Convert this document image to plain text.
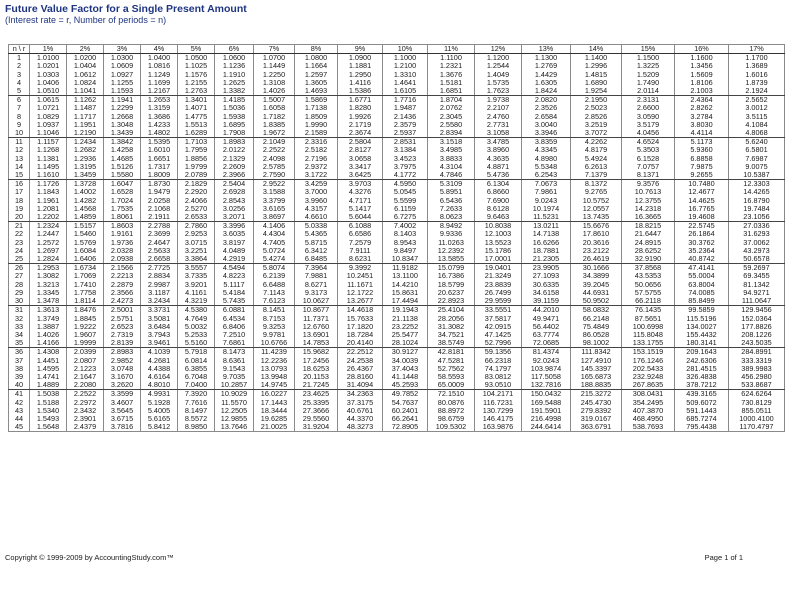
Future Value Factor for a Single Present Amount
(Interest rate = r, Number of periods = n)
n \ r	1%	2%	3%	4%	5%	6%	7%	8%	9%	10%	11%	12%	13%	14%	15%	16%	17%
1	1.0100	1.0200	1.0300	1.0400	1.0500	1.0600	1.0700	1.0800	1.0900	1.1000	1.1100	1.1200	1.1300	1.1400	1.1500	1.1600	1.1700
2	1.0201	1.0404	1.0609	1.0816	1.1025	1.1236	1.1449	1.1664	1.1881	1.2100	1.2321	1.2544	1.2769	1.2996	1.3225	1.3456	1.3689
3	1.0303	1.0612	1.0927	1.1249	1.1576	1.1910	1.2250	1.2597	1.2950	1.3310	1.3676	1.4049	1.4429	1.4815	1.5209	1.5609	1.6016
4	1.0406	1.0824	1.1255	1.1699	1.2155	1.2625	1.3108	1.3605	1.4116	1.4641	1.5181	1.5735	1.6305	1.6890	1.7490	1.8106	1.8739
5	1.0510	1.1041	1.1593	1.2167	1.2763	1.3382	1.4026	1.4693	1.5386	1.6105	1.6851	1.7623	1.8424	1.9254	2.0114	2.1003	2.1924
6	1.0615	1.1262	1.1941	1.2653	1.3401	1.4185	1.5007	1.5869	1.6771	1.7716	1.8704	1.9738	2.0820	2.1950	2.3131	2.4364	2.5652
7	1.0721	1.1487	1.2299	1.3159	1.4071	1.5036	1.6058	1.7138	1.8280	1.9487	2.0762	2.2107	2.3526	2.5023	2.6600	2.8262	3.0012
8	1.0829	1.1717	1.2668	1.3686	1.4775	1.5938	1.7182	1.8509	1.9926	2.1436	2.3045	2.4760	2.6584	2.8526	3.0590	3.2784	3.5115
9	1.0937	1.1951	1.3048	1.4233	1.5513	1.6895	1.8385	1.9990	2.1719	2.3579	2.5580	2.7731	3.0040	3.2519	3.5179	3.8030	4.1084
10	1.1046	1.2190	1.3439	1.4802	1.6289	1.7908	1.9672	2.1589	2.3674	2.5937	2.8394	3.1058	3.3946	3.7072	4.0456	4.4114	4.8068
11	1.1157	1.2434	1.3842	1.5395	1.7103	1.8983	2.1049	2.3316	2.5804	2.8531	3.1518	3.4785	3.8359	4.2262	4.6524	5.1173	5.6240
12	1.1268	1.2682	1.4258	1.6010	1.7959	2.0122	2.2522	2.5182	2.8127	3.1384	3.4985	3.8960	4.3345	4.8179	5.3503	5.9360	6.5801
13	1.1381	1.2936	1.4685	1.6651	1.8856	2.1329	2.4098	2.7196	3.0658	3.4523	3.8833	4.3635	4.8980	5.4924	6.1528	6.8858	7.6987
14	1.1495	1.3195	1.5126	1.7317	1.9799	2.2609	2.5785	2.9372	3.3417	3.7975	4.3104	4.8871	5.5348	6.2613	7.0757	7.9875	9.0075
15	1.1610	1.3459	1.5580	1.8009	2.0789	2.3966	2.7590	3.1722	3.6425	4.1772	4.7846	5.4736	6.2543	7.1379	8.1371	9.2655	10.5387
16	1.1726	1.3728	1.6047	1.8730	2.1829	2.5404	2.9522	3.4259	3.9703	4.5950	5.3109	6.1304	7.0673	8.1372	9.3576	10.7480	12.3303
17	1.1843	1.4002	1.6528	1.9479	2.2920	2.6928	3.1588	3.7000	4.3276	5.0545	5.8951	6.8660	7.9861	9.2765	10.7613	12.4677	14.4265
18	1.1961	1.4282	1.7024	2.0258	2.4066	2.8543	3.3799	3.9960	4.7171	5.5599	6.5436	7.6900	9.0243	10.5752	12.3755	14.4625	16.8790
19	1.2081	1.4568	1.7535	2.1068	2.5270	3.0256	3.6165	4.3157	5.1417	6.1159	7.2633	8.6128	10.1974	12.0557	14.2318	16.7765	19.7484
20	1.2202	1.4859	1.8061	2.1911	2.6533	3.2071	3.8697	4.6610	5.6044	6.7275	8.0623	9.6463	11.5231	13.7435	16.3665	19.4608	23.1056
21	1.2324	1.5157	1.8603	2.2788	2.7860	3.3996	4.1406	5.0338	6.1088	7.4002	8.9492	10.8038	13.0211	15.6676	18.8215	22.5745	27.0336
22	1.2447	1.5460	1.9161	2.3699	2.9253	3.6035	4.4304	5.4365	6.6586	8.1403	9.9336	12.1003	14.7138	17.8610	21.6447	26.1864	31.6293
23	1.2572	1.5769	1.9736	2.4647	3.0715	3.8197	4.7405	5.8715	7.2579	8.9543	11.0263	13.5523	16.6266	20.3616	24.8915	30.3762	37.0062
24	1.2697	1.6084	2.0328	2.5633	3.2251	4.0489	5.0724	6.3412	7.9111	9.8497	12.2392	15.1786	18.7881	23.2122	28.6252	35.2364	43.2973
25	1.2824	1.6406	2.0938	2.6658	3.3864	4.2919	5.4274	6.8485	8.6231	10.8347	13.5855	17.0001	21.2305	26.4619	32.9190	40.8742	50.6578
26	1.2953	1.6734	2.1566	2.7725	3.5557	4.5494	5.8074	7.3964	9.3992	11.9182	15.0799	19.0401	23.9905	30.1666	37.8568	47.4141	59.2697
27	1.3082	1.7069	2.2213	2.8834	3.7335	4.8223	6.2139	7.9881	10.2451	13.1100	16.7386	21.3249	27.1093	34.3899	43.5353	55.0004	69.3455
28	1.3213	1.7410	2.2879	2.9987	3.9201	5.1117	6.6488	8.6271	11.1671	14.4210	18.5799	23.8839	30.6335	39.2045	50.0656	63.8004	81.1342
29	1.3345	1.7758	2.3566	3.1187	4.1161	5.4184	7.1143	9.3173	12.1722	15.8631	20.6237	26.7499	34.6158	44.6931	57.5755	74.0085	94.9271
30	1.3478	1.8114	2.4273	3.2434	4.3219	5.7435	7.6123	10.0627	13.2677	17.4494	22.8923	29.9599	39.1159	50.9502	66.2118	85.8499	111.0647
31	1.3613	1.8476	2.5001	3.3731	4.5380	6.0881	8.1451	10.8677	14.4618	19.1943	25.4104	33.5551	44.2010	58.0832	76.1435	99.5859	129.9456
32	1.3749	1.8845	2.5751	3.5081	4.7649	6.4534	8.7153	11.7371	15.7633	21.1138	28.2056	37.5817	49.9471	66.2148	87.5651	115.5196	152.0364
33	1.3887	1.9222	2.6523	3.6484	5.0032	6.8406	9.3253	12.6760	17.1820	23.2252	31.3082	42.0915	56.4402	75.4849	100.6998	134.0027	177.8826
34	1.4026	1.9607	2.7319	3.7943	5.2533	7.2510	9.9781	13.6901	18.7284	25.5477	34.7521	47.1425	63.7774	86.0528	115.8048	155.4432	208.1226
35	1.4166	1.9999	2.8139	3.9461	5.5160	7.6861	10.6766	14.7853	20.4140	28.1024	38.5749	52.7996	72.0685	98.1002	133.1755	180.3141	243.5035
36	1.4308	2.0399	2.8983	4.1039	5.7918	8.1473	11.4239	15.9682	22.2512	30.9127	42.8181	59.1356	81.4374	111.8342	153.1519	209.1643	284.8991
37	1.4451	2.0807	2.9852	4.2681	6.0814	8.6361	12.2236	17.2456	24.2538	34.0039	47.5281	66.2318	92.0243	127.4910	176.1246	242.6306	333.3319
38	1.4595	2.1223	3.0748	4.4388	6.3855	9.1543	13.0793	18.6253	26.4367	37.4043	52.7562	74.1797	103.9874	145.3397	202.5433	281.4515	389.9983
39	1.4741	2.1647	3.1670	4.6164	6.7048	9.7035	13.9948	20.1153	28.8160	41.1448	58.5593	83.0812	117.5058	165.6873	232.9248	326.4838	456.2980
40	1.4889	2.2080	3.2620	4.8010	7.0400	10.2857	14.9745	21.7245	31.4094	45.2593	65.0009	93.0510	132.7816	188.8835	267.8635	378.7212	533.8687
41	1.5038	2.2522	3.3599	4.9931	7.3920	10.9029	16.0227	23.4625	34.2363	49.7852	72.1510	104.2171	150.0432	215.3272	308.0431	439.3165	624.6264
42	1.5188	2.2972	3.4607	5.1928	7.7616	11.5570	17.1443	25.3395	37.3175	54.7637	80.0876	116.7231	169.5488	245.4730	354.2495	509.6072	730.8129
43	1.5340	2.3432	3.5645	5.4005	8.1497	12.2505	18.3444	27.3666	40.6761	60.2401	88.8972	130.7299	191.5901	279.8392	407.3870	591.1443	855.0511
44	1.5493	2.3901	3.6715	5.6165	8.5572	12.9855	19.6285	29.5560	44.3370	66.2641	98.6759	146.4175	216.4998	319.0167	468.4950	685.7274	1000.4100
45	1.5648	2.4379	3.7816	5.8412	8.9850	13.7646	21.0025	31.9204	48.3273	72.8905	109.5302	163.9876	244.6414	363.6791	538.7693	795.4438	1170.4797
Copyright © 1999-2009 by AccountingStudy.com™	Page 1 of 1
